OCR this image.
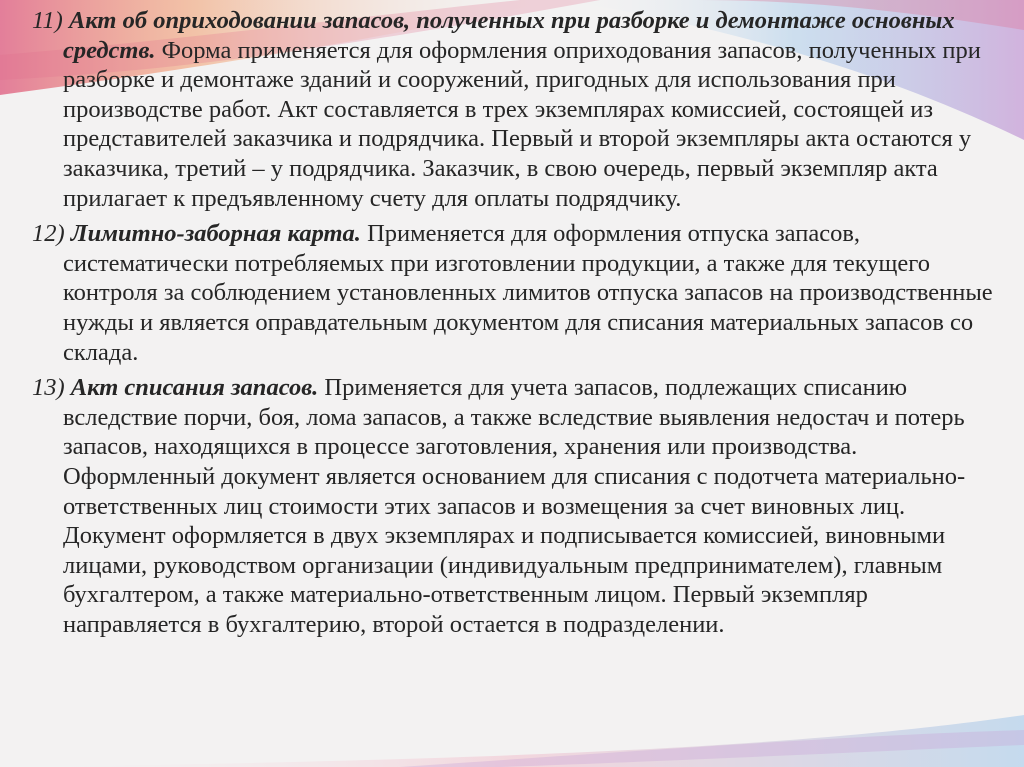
11) Акт об оприходовании запасов, полученных при разборке и демонтаже основных средств. Форма применяется для оформления оприходования запасов, полученных при разборке и демонтаже зданий и сооружений, пригодных для использования при производстве работ. Акт составляется в трех экземплярах комиссией, состоящей из представителей заказчика и подрядчика. Первый и второй экземпляры акта остаются у заказчика, третий – у подрядчика. Заказчик, в свою очередь, первый экземпляр акта прилагает к предъявленному счету для оплаты подрядчику.

12) Лимитно-заборная карта. Применяется для оформления отпуска запасов, систематически потребляемых при изготовлении продукции, а также для текущего контроля за соблюдением установленных лимитов отпуска запасов на производственные нужды и является оправдательным документом для списания материальных запасов со склада.

13) Акт списания запасов. Применяется для учета запасов, подлежащих списанию вследствие порчи, боя, лома запасов, а также вследствие выявления недостач и потерь запасов, находящихся в процессе заготовления, хранения или производства. Оформленный документ является основанием для списания с подотчета материально-ответственных лиц стоимости этих запасов и возмещения за счет виновных лиц. Документ оформляется в двух экземплярах и подписывается комиссией, виновными лицами, руководством организации (индивидуальным предпринимателем), главным бухгалтером, а также материально-ответственным лицом. Первый экземпляр направляется в бухгалтерию, второй остается в подразделении.
